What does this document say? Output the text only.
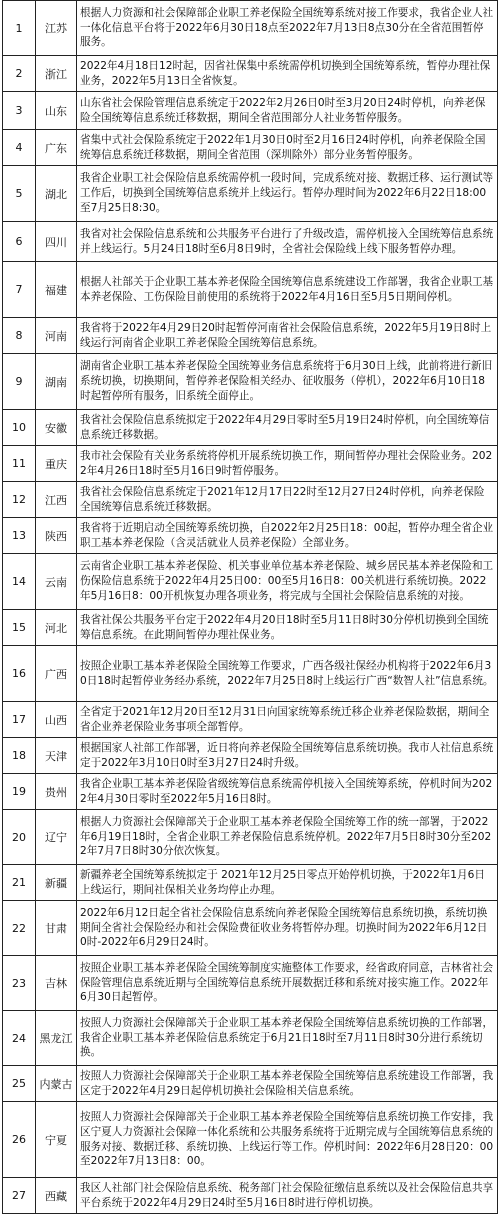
1	江苏	根据人力资源和社会保障部企业职工养老保险全国统筹系统对接工作要求，我省企业人社一体化信息平台将于2022年6月30日18点至2022年7月13日8点30分在全省范围暂停服务。
2	浙江	2022年4月18日12时起，因省社保集中系统需停机切换到全国统筹系统，暂停办理社保业务，2022年5月13日全省恢复。
3	山东	山东省社会保险管理信息系统定于2022年2月26日0时至3月20日24时停机，向养老保险全国统筹信息系统迁移数据，期间全省范围部分人社业务暂停服务。
4	广东	省集中式社会保险系统定于2022年1月30日0时至2月16日24时停机，向养老保险全国统筹信息系统迁移数据，期间全省范围（深圳除外）部分业务暂停服务。
5	湖北	我省企业职工社会保险信息系统需停机一段时间，完成系统对接、数据迁移、运行测试等工作后，切换到全国统筹信息系统并上线运行。暂停办理时间为2022年6月22日18:00至7月25日8:30。
6	四川	我省对社会保险信息系统和公共服务平台进行了升级改造，需停机接入全国统筹信息系统并上线运行。5月24日18时至6月8日9时，全省社会保险线上线下服务暂停办理。
7	福建	根据人社部关于企业职工基本养老保险全国统筹信息系统建设工作部署，我省企业职工基本养老保险、工伤保险目前使用的系统将于2022年4月16日至5月5日期间停机。
8	河南	我省将于2022年4月29日20时起暂停河南省社会保险信息系统，2022年5月19日8时上线运行河南省企业职工养老保险全国统筹信息系统。
9	湖南	湖南省企业职工基本养老保险全国统筹业务信息系统将于6月30日上线，此前将进行新旧系统切换，切换期间，暂停养老保险相关经办、征收服务（停机），2022年6月10日18时起暂停所有服务，旧系统全面停止。
10	安徽	我省社会保险信息系统拟定于2022年4月29日零时至5月19日24时停机，向全国统筹信息系统迁移数据。
11	重庆	我市社会保险有关业务系统将停机开展系统切换工作，期间暂停办理社会保险业务。2022年4月26日18时至5月16日9时暂停服务。
12	江西	我省社会保险信息系统定于2021年12月17日22时至12月27日24时停机，向养老保险全国统筹信息系统迁移数据。
13	陕西	我省将于近期启动全国统筹系统切换，自2022年2月25日18：00起，暂停办理全省企业职工基本养老保险（含灵活就业人员养老保险）全部业务。
14	云南	云南省企业职工基本养老保险、机关事业单位基本养老保险、城乡居民基本养老保险和工伤保险信息系统于2022年4月25日00：00至5月16日8：00关机进行系统切换。2022年5月16日8：00开机恢复办理各项业务，将完成与全国社会保险信息系统的对接。
15	河北	我省社保公共服务平台定于2022年4月20日18时至5月11日8时30分停机切换到全国统筹信息系统。在此期间暂停办理社保业务。
16	广西	按照企业职工基本养老保险全国统筹工作要求，广西各级社保经办机构将于2022年6月30日18时起暂停业务经办系统，2022年7月25日8时上线运行广西“数智人社”信息系统。
17	山西	全省定于2021年12月20日至12月31日向国家统筹系统迁移企业养老保险数据，期间全省企业养老保险业务事项全部暂停。
18	天津	根据国家人社部工作部署，近日将向养老保险全国统筹信息系统切换。我市人社信息系统定于2022年3月10日0时至3月27日24时升级。
19	贵州	我省企业职工基本养老保险省级统筹信息系统需停机接入全国统筹系统，停机时间为2022年4月30日零时至2022年5月16日8时。
20	辽宁	根据人力资源社会保障部关于企业职工基本养老保险全国统筹工作的统一部署，于2022年6月19日18时，全省企业职工养老保险信息系统停机。2022年7月5日8时30分至2022年7月7日8时30分依次恢复。
21	新疆	新疆养老全国统筹系统拟定于 2021年12月25日零点开始停机切换，于2022年1月6日上线运行，期间社保相关业务均停止办理。
22	甘肃	2022年6月12日起全省社会保险信息系统向养老保险全国统筹信息系统切换，系统切换期间全省社会保险经办和社会保险费征收业务将暂停办理。切换时间为2022年6月12日0时-2022年6月29日24时。
23	吉林	按照企业职工基本养老保险全国统筹制度实施整体工作要求，经省政府同意，吉林省社会保险管理信息系统近期与全国统筹信息系统开展数据迁移和系统对接实施工作。2022年6月30日起暂停。
24	黑龙江	按照人力资源社会保障部关于企业职工基本养老保险全国统筹信息系统切换的工作部署，我省企业职工基本养老保险信息系统定于6月21日18时至7月11日8时30分进行系统切换。
25	内蒙古	按照人力资源社会保障部关于企业职工基本养老保险全国统筹信息系统建设工作部署，我区定于2022年4月29日起停机切换社会保险相关信息系统。
26	宁夏	按照人力资源社会保障部关于企业职工基本养老保险全国统筹信息系统切换工作安排，我区宁夏人力资源社会保障一体化系统和公共服务系统将于近期完成与全国统筹信息系统的服务对接、数据迁移、系统切换、上线运行等工作。停机时间：2022年6月28日20：00至2022年7月13日8：00。
27	西藏	我区人社部门社会保险信息系统、税务部门社会保险征缴信息系统以及社会保险信息共享平台系统于2022年4月29日24时至5月16日8时进行停机切换。
